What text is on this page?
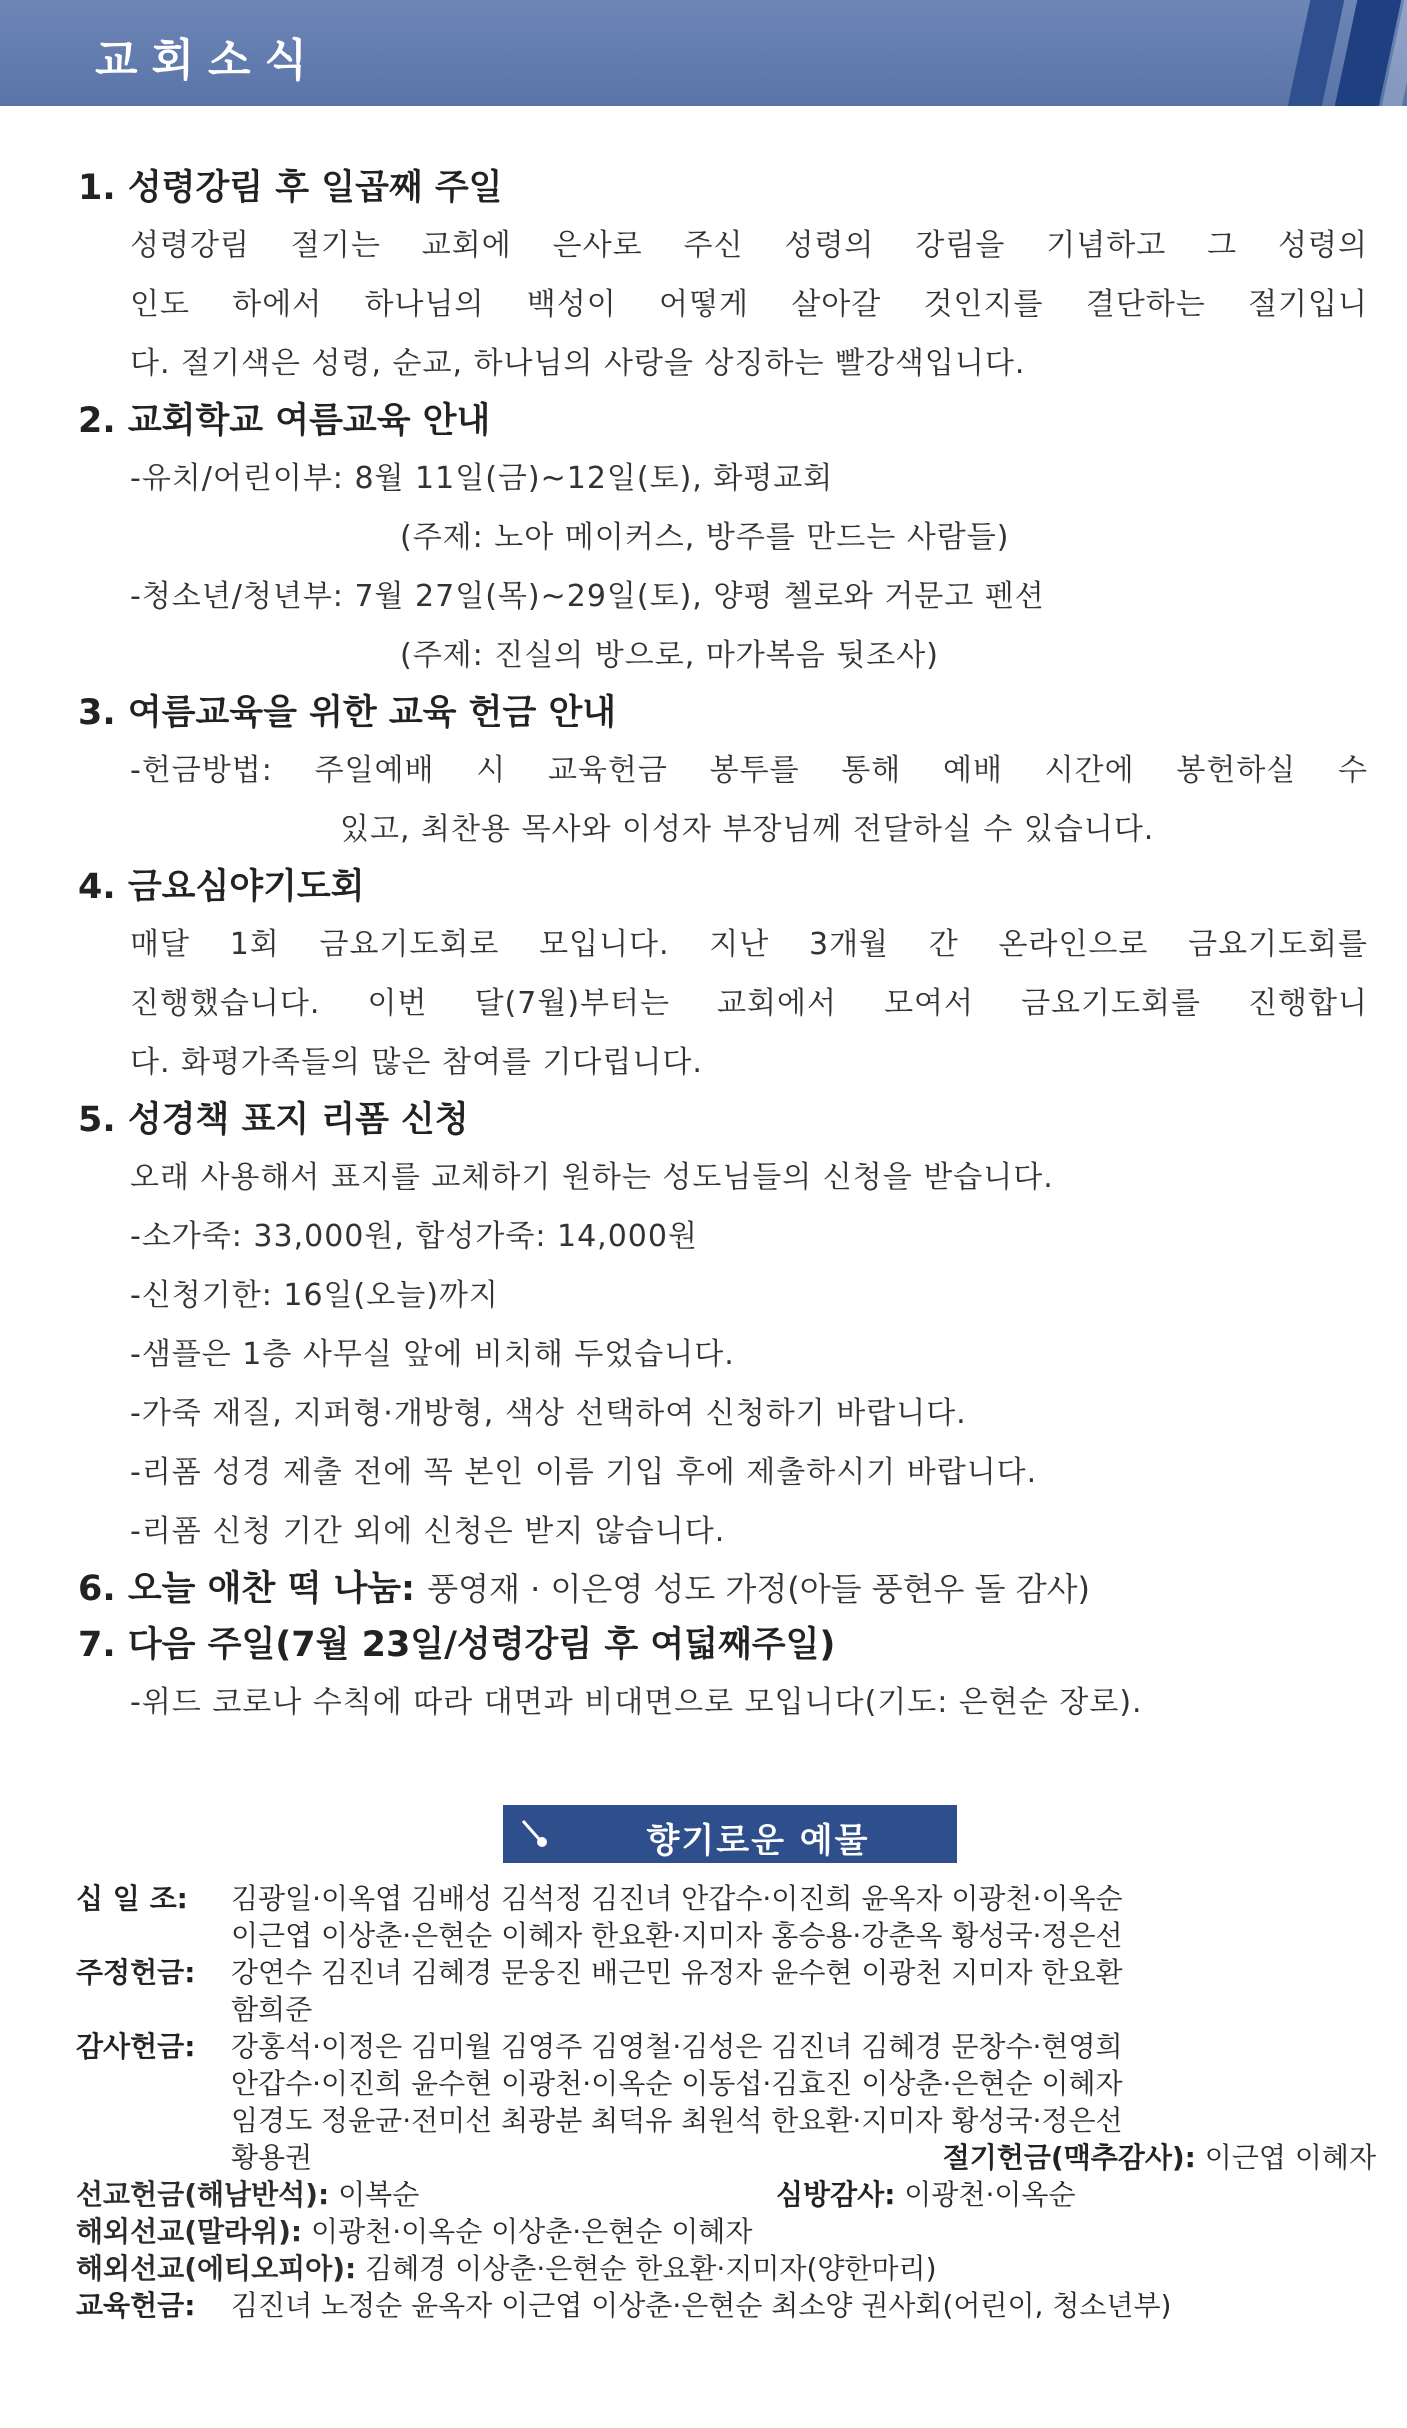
교회소식
1. 성령강림 후 일곱째 주일
성령강림 절기는 교회에 은사로 주신 성령의 강림을 기념하고 그 성령의
인도 하에서 하나님의 백성이 어떻게 살아갈 것인지를 결단하는 절기입니
다. 절기색은 성령, 순교, 하나님의 사랑을 상징하는 빨강색입니다.
2. 교회학교 여름교육 안내
-유치/어린이부: 8월 11일(금)~12일(토), 화평교회
(주제: 노아 메이커스, 방주를 만드는 사람들)
-청소년/청년부: 7월 27일(목)~29일(토), 양평 첼로와 거문고 펜션
(주제: 진실의 방으로, 마가복음 뒷조사)
3. 여름교육을 위한 교육 헌금 안내
-헌금방법: 주일예배 시 교육헌금 봉투를 통해 예배 시간에 봉헌하실 수
있고, 최찬용 목사와 이성자 부장님께 전달하실 수 있습니다.
4. 금요심야기도회
매달 1회 금요기도회로 모입니다. 지난 3개월 간 온라인으로 금요기도회를
진행했습니다. 이번 달(7월)부터는 교회에서 모여서 금요기도회를 진행합니
다. 화평가족들의 많은 참여를 기다립니다.
5. 성경책 표지 리폼 신청
오래 사용해서 표지를 교체하기 원하는 성도님들의 신청을 받습니다.
-소가죽: 33,000원, 합성가죽: 14,000원
-신청기한: 16일(오늘)까지
-샘플은 1층 사무실 앞에 비치해 두었습니다.
-가죽 재질, 지퍼형·개방형, 색상 선택하여 신청하기 바랍니다.
-리폼 성경 제출 전에 꼭 본인 이름 기입 후에 제출하시기 바랍니다.
-리폼 신청 기간 외에 신청은 받지 않습니다.
6. 오늘 애찬 떡 나눔: 풍영재 · 이은영 성도 가정(아들 풍현우 돌 감사)
7. 다음 주일(7월 23일/성령강림 후 여덟째주일)
-위드 코로나 수칙에 따라 대면과 비대면으로 모입니다(기도: 은현순 장로).
향기로운 예물
십 일 조: 김광일·이옥엽 김배성 김석정 김진녀 안갑수·이진희 윤옥자 이광천·이옥순
이근엽 이상춘·은현순 이혜자 한요환·지미자 홍승용·강춘옥 황성국·정은선
주정헌금: 강연수 김진녀 김혜경 문웅진 배근민 유정자 윤수현 이광천 지미자 한요환
함희준
감사헌금: 강홍석·이정은 김미월 김영주 김영철·김성은 김진녀 김혜경 문창수·현영희
안갑수·이진희 윤수현 이광천·이옥순 이동섭·김효진 이상춘·은현순 이혜자
임경도 정윤균·전미선 최광분 최덕유 최원석 한요환·지미자 황성국·정은선
황용권	절기헌금(맥추감사): 이근엽 이혜자
선교헌금(해남반석): 이복순	심방감사: 이광천·이옥순
해외선교(말라위): 이광천·이옥순 이상춘·은현순 이혜자
해외선교(에티오피아): 김혜경 이상춘·은현순 한요환·지미자(양한마리)
교육헌금: 김진녀 노정순 윤옥자 이근엽 이상춘·은현순 최소양 권사회(어린이, 청소년부)
